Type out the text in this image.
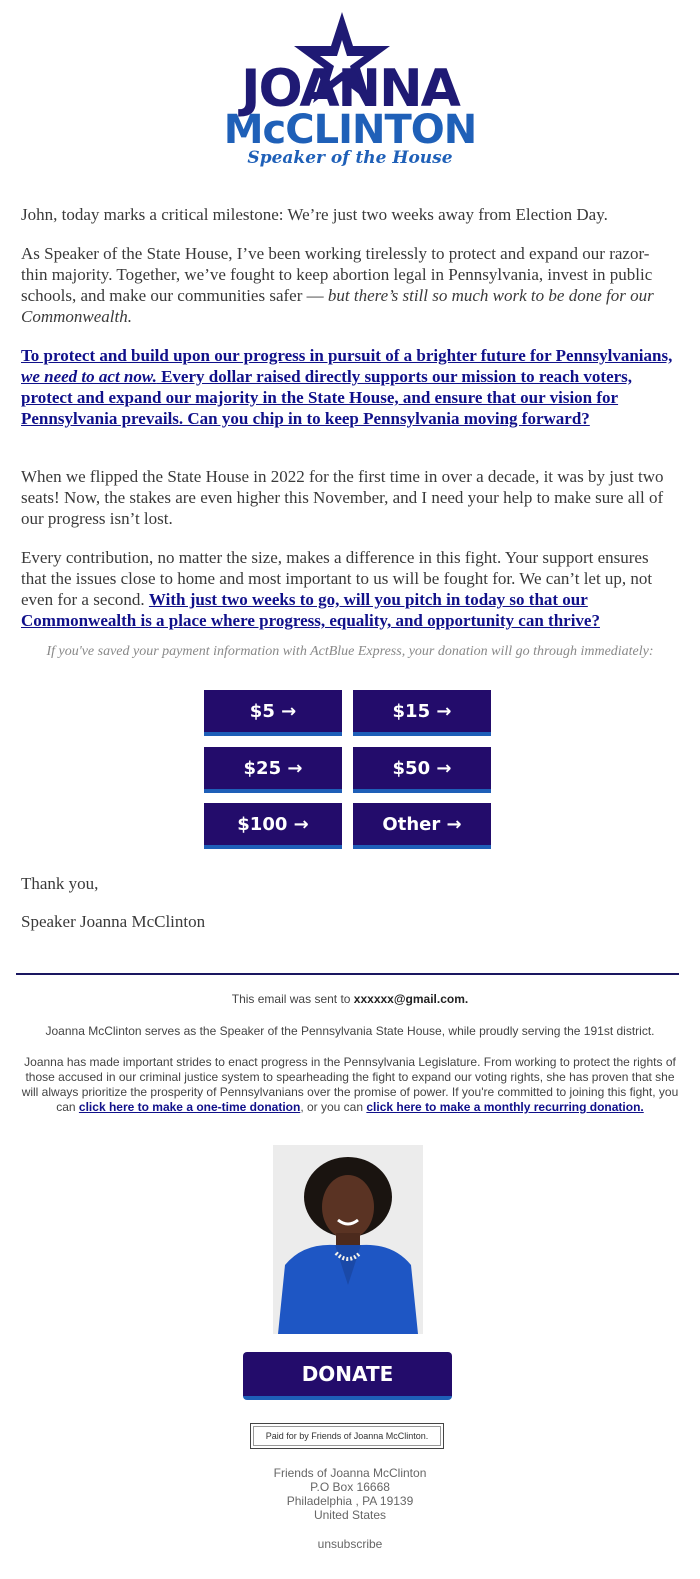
JOANNA
McCLINTON
Speaker of the House

John, today marks a critical milestone: We’re just two weeks away from Election Day.

As Speaker of the State House, I’ve been working tirelessly to protect and expand our razor-thin majority. Together, we’ve fought to keep abortion legal in Pennsylvania, invest in public schools, and make our communities safer — but there’s still so much work to be done for our Commonwealth.

To protect and build upon our progress in pursuit of a brighter future for Pennsylvanians, we need to act now. Every dollar raised directly supports our mission to reach voters, protect and expand our majority in the State House, and ensure that our vision for Pennsylvania prevails. Can you chip in to keep Pennsylvania moving forward?

When we flipped the State House in 2022 for the first time in over a decade, it was by just two seats! Now, the stakes are even higher this November, and I need your help to make sure all of our progress isn’t lost.

Every contribution, no matter the size, makes a difference in this fight. Your support ensures that the issues close to home and most important to us will be fought for. We can’t let up, not even for a second. With just two weeks to go, will you pitch in today so that our Commonwealth is a place where progress, equality, and opportunity can thrive?

If you've saved your payment information with ActBlue Express, your donation will go through immediately:
$5 →	$15 →
$25 →	$50 →
$100 →	Other →
Thank you,
Speaker Joanna McClinton
This email was sent to xxxxxx@gmail.com.
Joanna McClinton serves as the Speaker of the Pennsylvania State House, while proudly serving the 191st district.
Joanna has made important strides to enact progress in the Pennsylvania Legislature. From working to protect the rights of those accused in our criminal justice system to spearheading the fight to expand our voting rights, she has proven that she will always prioritize the prosperity of Pennsylvanians over the promise of power. If you're committed to joining this fight, you can click here to make a one-time donation, or you can click here to make a monthly recurring donation.
DONATE
Paid for by Friends of Joanna McClinton.
Friends of Joanna McClinton
P.O Box 16668
Philadelphia , PA 19139
United States
unsubscribe
